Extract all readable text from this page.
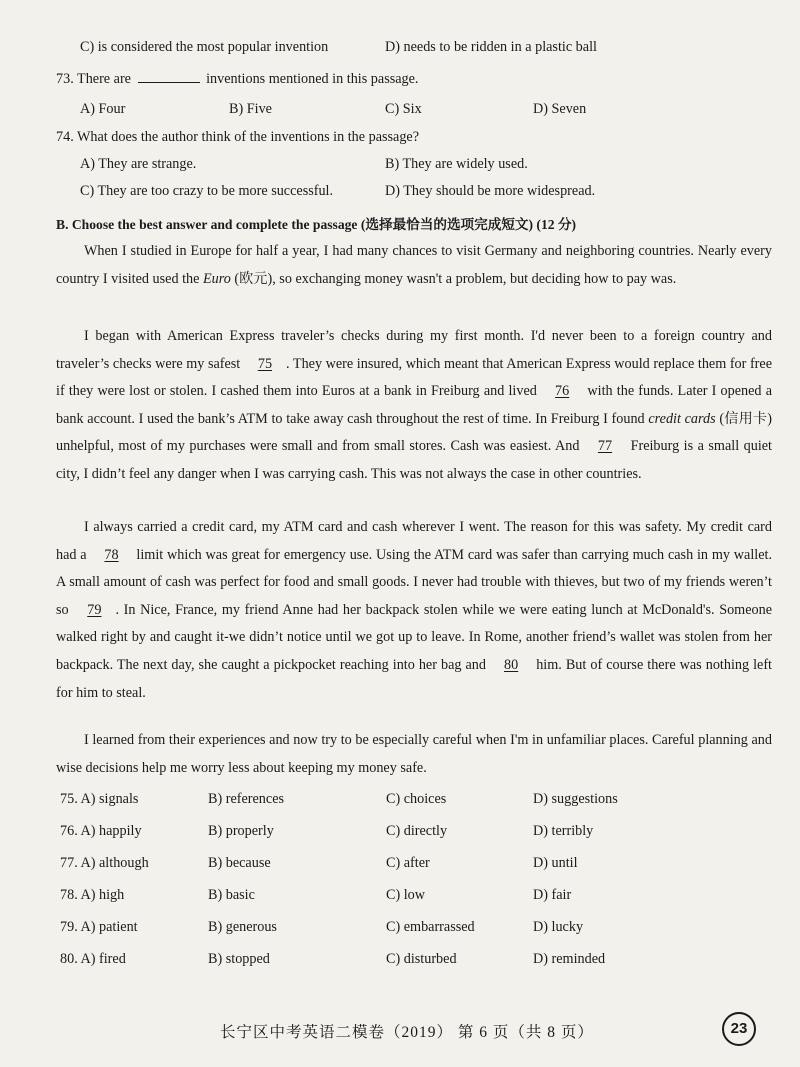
C) is considered the most popular invention	D) needs to be ridden in a plastic ball
73. There are	inventions mentioned in this passage.
A) Four	B) Five	C) Six	D) Seven
74. What does the author think of the inventions in the passage?
A) They are strange.	B) They are widely used.
C) They are too crazy to be more successful.	D) They should be more widespread.
B. Choose the best answer and complete the passage (选择最恰当的选项完成短文) (12 分)
When I studied in Europe for half a year, I had many chances to visit Germany and neighboring countries. Nearly every country I visited used the Euro (欧元), so exchanging money wasn't a problem, but deciding how to pay was.
I began with American Express traveler’s checks during my first month. I'd never been to a foreign country and traveler’s checks were my safest 75 . They were insured, which meant that American Express would replace them for free if they were lost or stolen. I cashed them into Euros at a bank in Freiburg and lived 76 with the funds. Later I opened a bank account. I used the bank’s ATM to take away cash throughout the rest of time. In Freiburg I found credit cards (信用卡) unhelpful, most of my purchases were small and from small stores. Cash was easiest. And 77 Freiburg is a small quiet city, I didn’t feel any danger when I was carrying cash. This was not always the case in other countries.
I always carried a credit card, my ATM card and cash wherever I went. The reason for this was safety. My credit card had a 78 limit which was great for emergency use. Using the ATM card was safer than carrying much cash in my wallet. A small amount of cash was perfect for food and small goods. I never had trouble with thieves, but two of my friends weren’t so 79 . In Nice, France, my friend Anne had her backpack stolen while we were eating lunch at McDonald's. Someone walked right by and caught it-we didn’t notice until we got up to leave. In Rome, another friend’s wallet was stolen from her backpack. The next day, she caught a pickpocket reaching into her bag and 80 him. But of course there was nothing left for him to steal.
I learned from their experiences and now try to be especially careful when I'm in unfamiliar places. Careful planning and wise decisions help me worry less about keeping my money safe.
75. A) signals	B) references	C) choices	D) suggestions
76. A) happily	B) properly	C) directly	D) terribly
77. A) although	B) because	C) after	D) until
78. A) high	B) basic	C) low	D) fair
79. A) patient	B) generous	C) embarrassed	D) lucky
80. A) fired	B) stopped	C) disturbed	D) reminded
长宁区中考英语二模卷（2019） 第 6 页（共 8 页）	23
